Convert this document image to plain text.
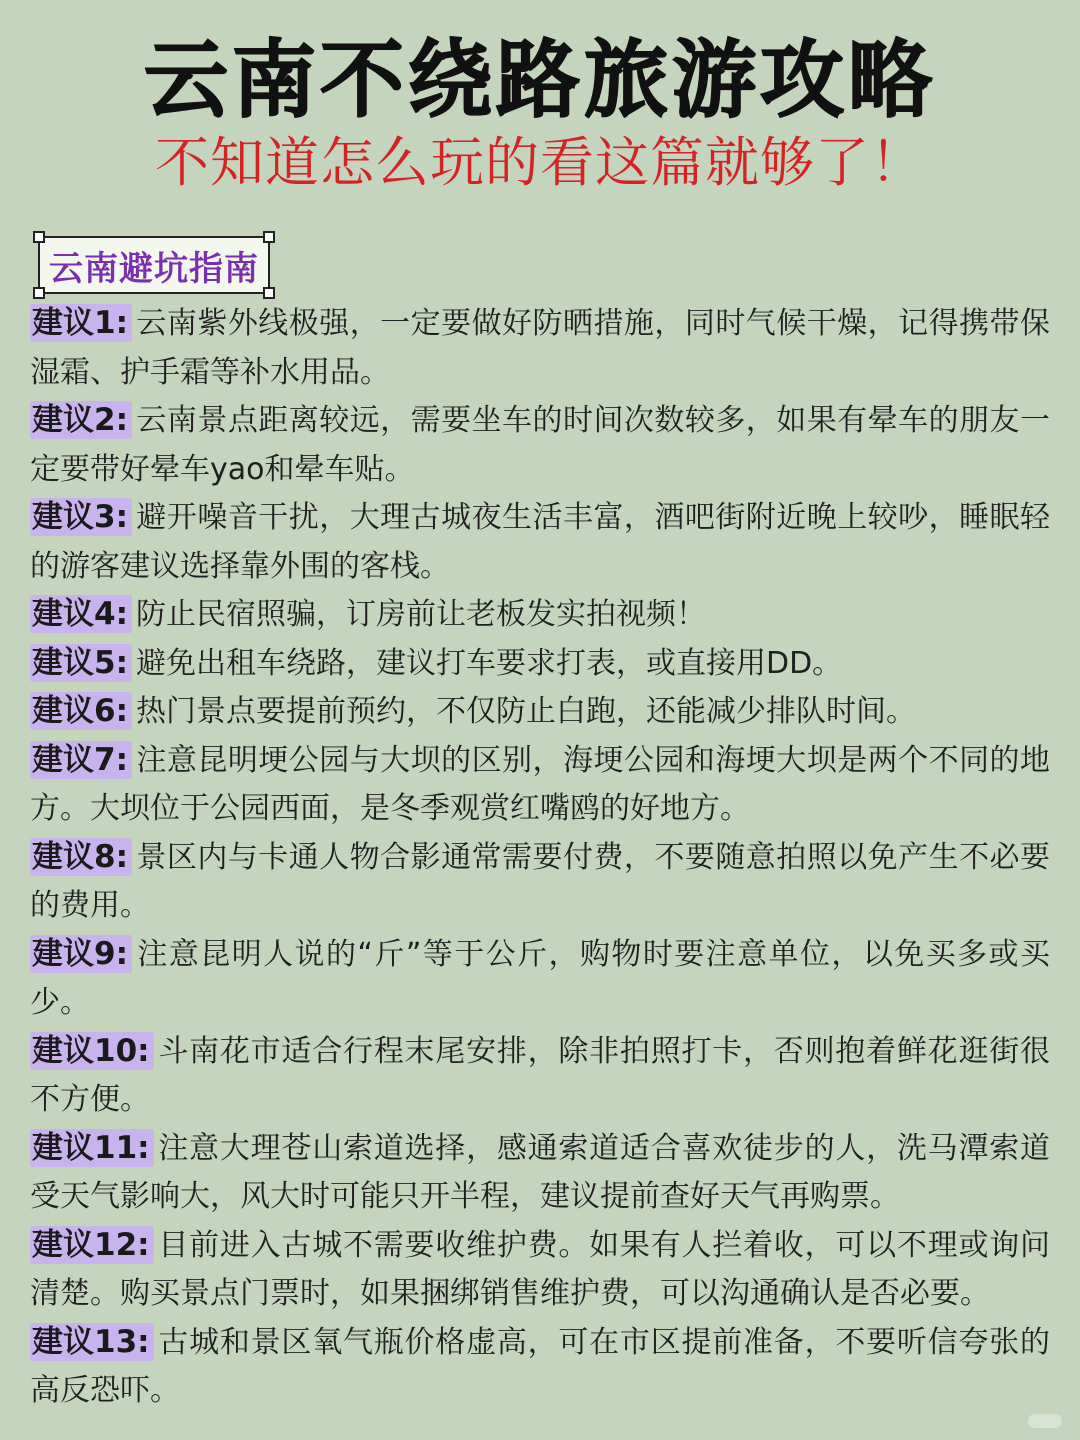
云南不绕路旅游攻略
不知道怎么玩的看这篇就够了！
云南避坑指南

建议1: 云南紫外线极强，一定要做好防晒措施，同时气候干燥，记得携带保湿霜、护手霜等补水用品。

建议2: 云南景点距离较远，需要坐车的时间次数较多，如果有晕车的朋友一定要带好晕车yao和晕车贴。

建议3: 避开噪音干扰，大理古城夜生活丰富，酒吧街附近晚上较吵，睡眠轻的游客建议选择靠外围的客栈。

建议4: 防止民宿照骗，订房前让老板发实拍视频！

建议5: 避免出租车绕路，建议打车要求打表，或直接用DD。

建议6: 热门景点要提前预约，不仅防止白跑，还能减少排队时间。

建议7: 注意昆明埂公园与大坝的区别，海埂公园和海埂大坝是两个不同的地方。大坝位于公园西面，是冬季观赏红嘴鸥的好地方。

建议8: 景区内与卡通人物合影通常需要付费，不要随意拍照以免产生不必要的费用。

建议9: 注意昆明人说的“斤”等于公斤，购物时要注意单位，以免买多或买少。

建议10: 斗南花市适合行程末尾安排，除非拍照打卡，否则抱着鲜花逛街很不方便。

建议11: 注意大理苍山索道选择，感通索道适合喜欢徒步的人，洗马潭索道受天气影响大，风大时可能只开半程，建议提前查好天气再购票。

建议12: 目前进入古城不需要收维护费。如果有人拦着收，可以不理或询问清楚。购买景点门票时，如果捆绑销售维护费，可以沟通确认是否必要。

建议13: 古城和景区氧气瓶价格虚高，可在市区提前准备，不要听信夸张的高反恐吓。
